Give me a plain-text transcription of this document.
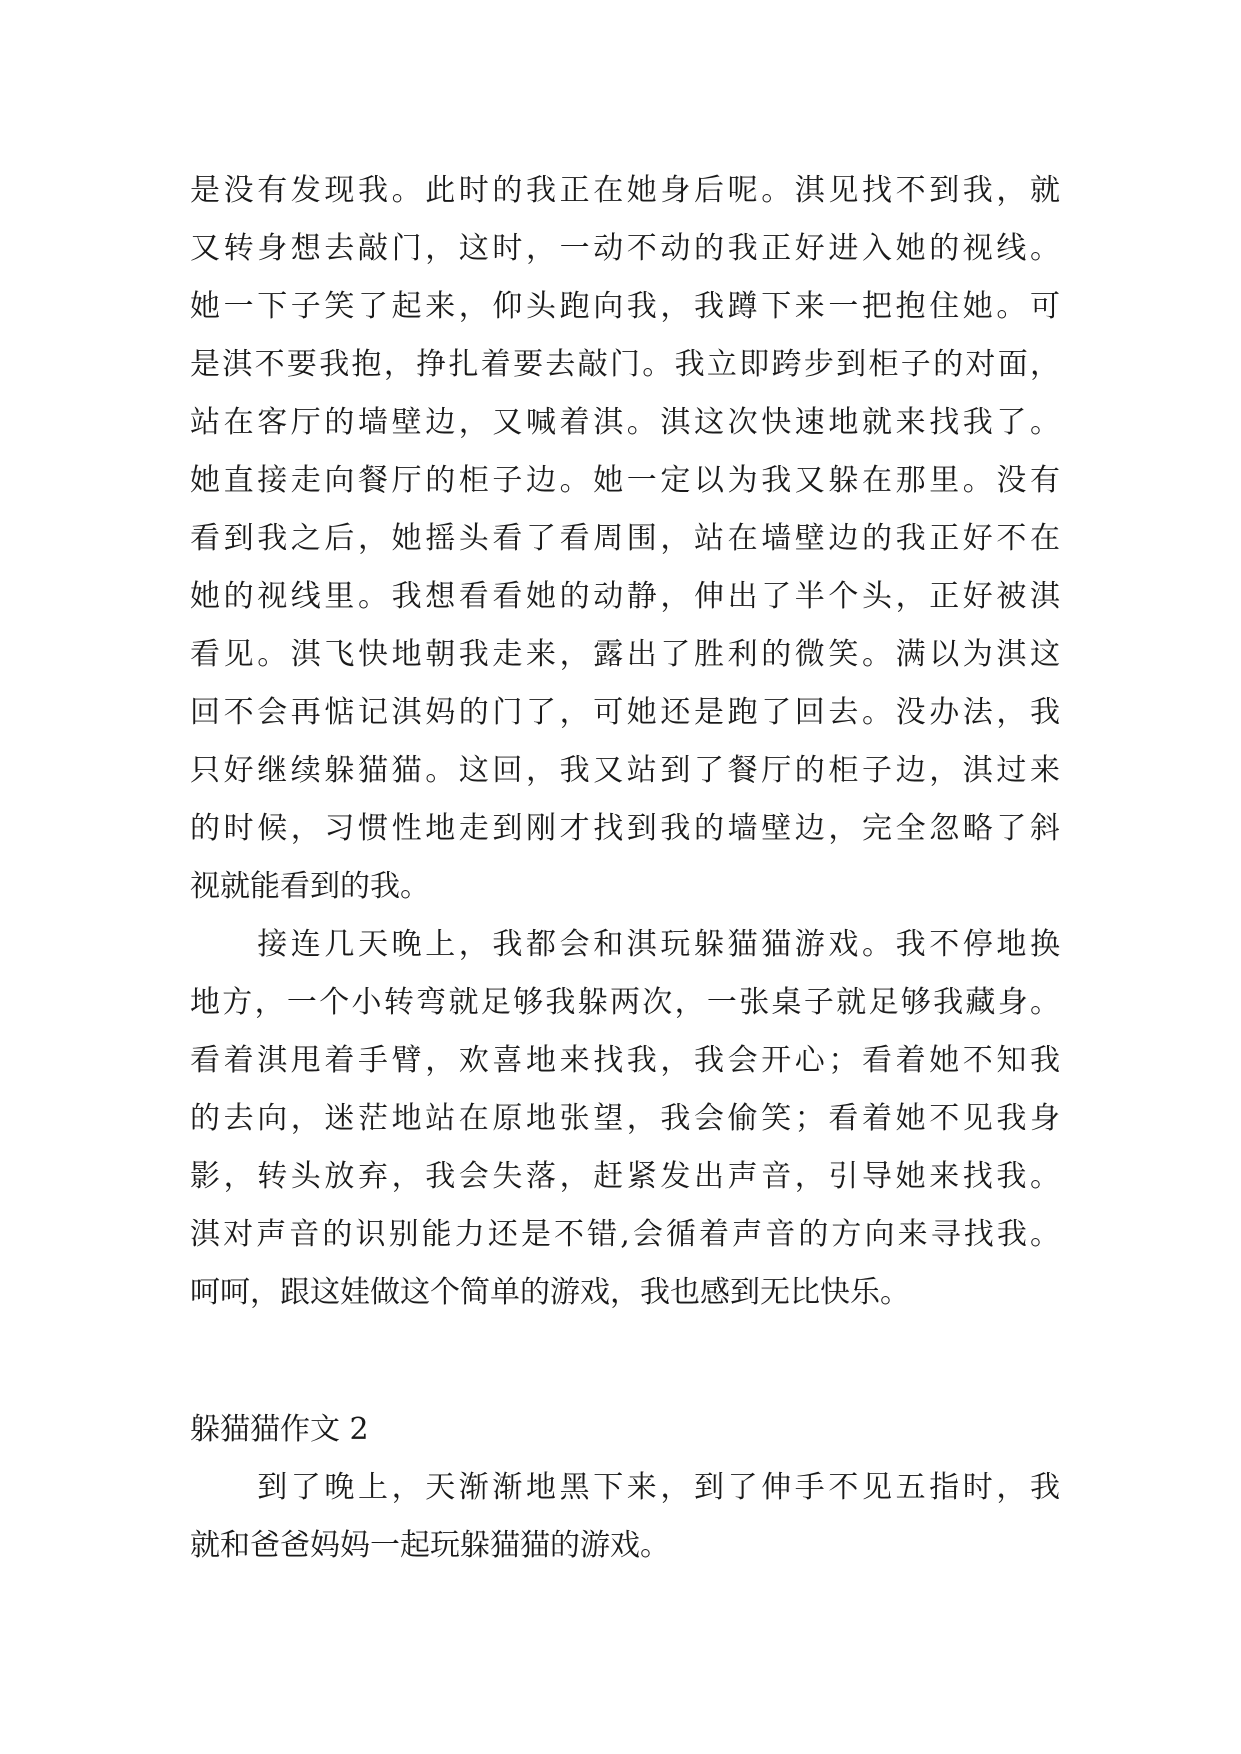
是没有发现我。此时的我正在她身后呢。淇见找不到我，就
又转身想去敲门，这时，一动不动的我正好进入她的视线。
她一下子笑了起来，仰头跑向我，我蹲下来一把抱住她。可
是淇不要我抱，挣扎着要去敲门。我立即跨步到柜子的对面，
站在客厅的墙壁边，又喊着淇。淇这次快速地就来找我了。
她直接走向餐厅的柜子边。她一定以为我又躲在那里。没有
看到我之后，她摇头看了看周围，站在墙壁边的我正好不在
她的视线里。我想看看她的动静，伸出了半个头，正好被淇
看见。淇飞快地朝我走来，露出了胜利的微笑。满以为淇这
回不会再惦记淇妈的门了，可她还是跑了回去。没办法，我
只好继续躲猫猫。这回，我又站到了餐厅的柜子边，淇过来
的时候，习惯性地走到刚才找到我的墙壁边，完全忽略了斜
视就能看到的我。
　　接连几天晚上，我都会和淇玩躲猫猫游戏。我不停地换
地方，一个小转弯就足够我躲两次，一张桌子就足够我藏身。
看着淇甩着手臂，欢喜地来找我，我会开心；看着她不知我
的去向，迷茫地站在原地张望，我会偷笑；看着她不见我身
影，转头放弃，我会失落，赶紧发出声音，引导她来找我。
淇对声音的识别能力还是不错,会循着声音的方向来寻找我。
呵呵，跟这娃做这个简单的游戏，我也感到无比快乐。
躲猫猫作文 2
　　到了晚上，天渐渐地黑下来，到了伸手不见五指时，我
就和爸爸妈妈一起玩躲猫猫的游戏。
